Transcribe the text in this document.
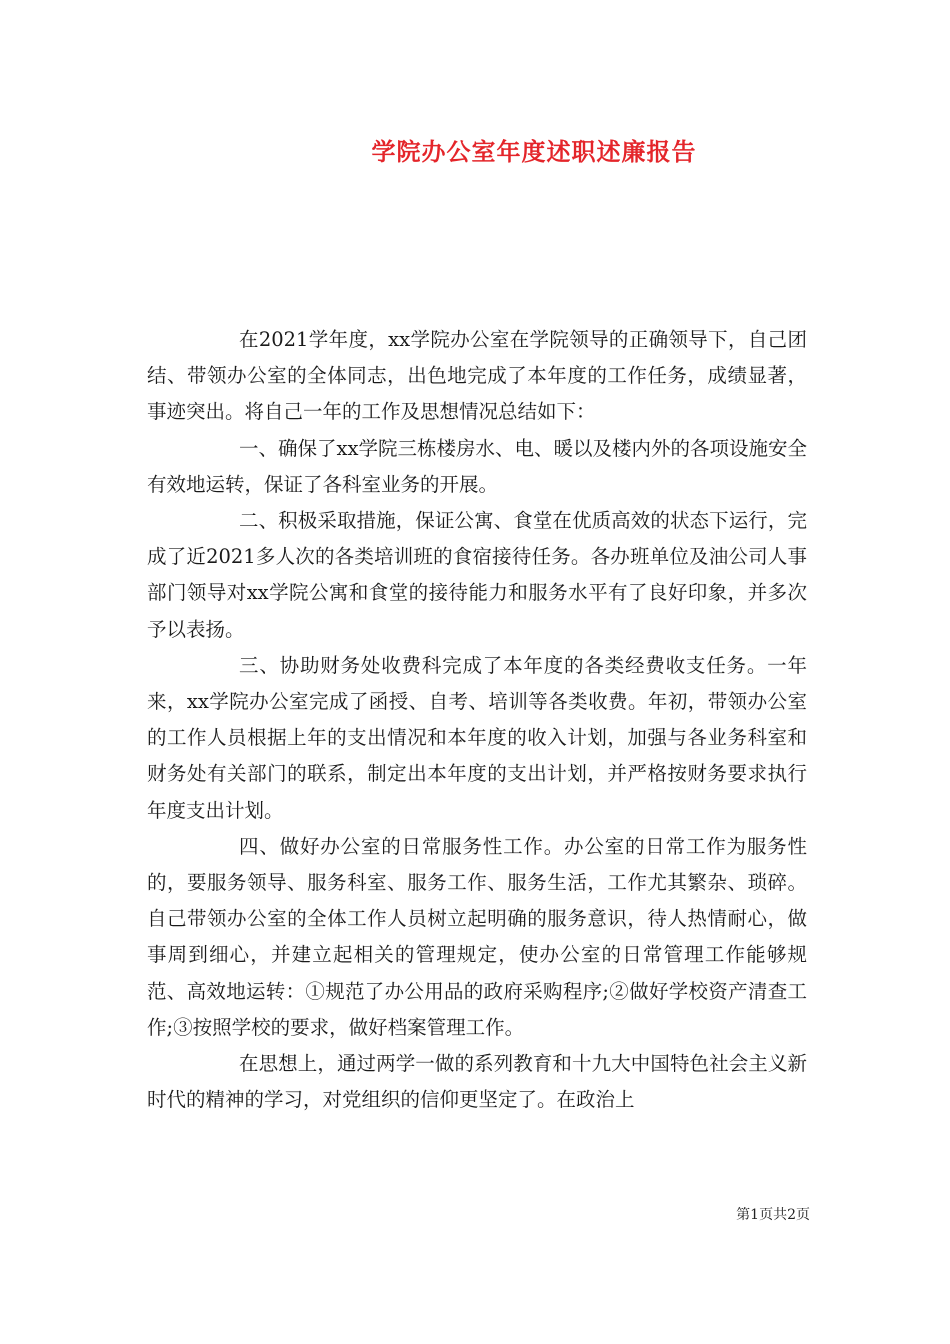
学院办公室年度述职述廉报告

在2021学年度，xx学院办公室在学院领导的正确领导下，自己团结、带领办公室的全体同志，出色地完成了本年度的工作任务，成绩显著，事迹突出。将自己一年的工作及思想情况总结如下：

一、确保了xx学院三栋楼房水、电、暖以及楼内外的各项设施安全有效地运转，保证了各科室业务的开展。

二、积极采取措施，保证公寓、食堂在优质高效的状态下运行，完成了近2021多人次的各类培训班的食宿接待任务。各办班单位及油公司人事部门领导对xx学院公寓和食堂的接待能力和服务水平有了良好印象，并多次予以表扬。

三、协助财务处收费科完成了本年度的各类经费收支任务。一年来，xx学院办公室完成了函授、自考、培训等各类收费。年初，带领办公室的工作人员根据上年的支出情况和本年度的收入计划，加强与各业务科室和财务处有关部门的联系，制定出本年度的支出计划，并严格按财务要求执行年度支出计划。

四、做好办公室的日常服务性工作。办公室的日常工作为服务性的，要服务领导、服务科室、服务工作、服务生活，工作尤其繁杂、琐碎。自己带领办公室的全体工作人员树立起明确的服务意识，待人热情耐心，做事周到细心，并建立起相关的管理规定，使办公室的日常管理工作能够规范、高效地运转：①规范了办公用品的政府采购程序;②做好学校资产清查工作;③按照学校的要求，做好档案管理工作。

在思想上，通过两学一做的系列教育和十九大中国特色社会主义新时代的精神的学习，对党组织的信仰更坚定了。在政治上

第1页共2页
